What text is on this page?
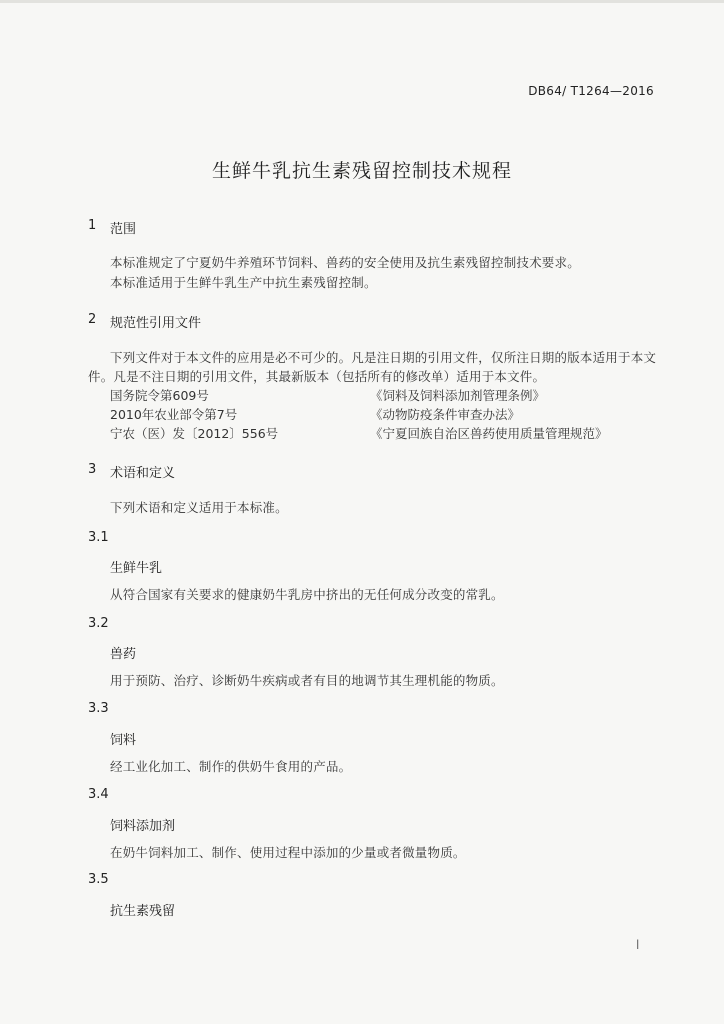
DB64/ T1264—2016
生鲜牛乳抗生素残留控制技术规程
1 范围
本标准规定了宁夏奶牛养殖环节饲料、兽药的安全使用及抗生素残留控制技术要求。
本标准适用于生鲜牛乳生产中抗生素残留控制。
2 规范性引用文件
下列文件对于本文件的应用是必不可少的。凡是注日期的引用文件，仅所注日期的版本适用于本文
件。凡是不注日期的引用文件，其最新版本（包括所有的修改单）适用于本文件。
国务院令第609号	《饲料及饲料添加剂管理条例》
2010年农业部令第7号	《动物防疫条件审查办法》
宁农（医）发〔2012〕556号	《宁夏回族自治区兽药使用质量管理规范》
3 术语和定义
下列术语和定义适用于本标准。
3.1
生鲜牛乳
从符合国家有关要求的健康奶牛乳房中挤出的无任何成分改变的常乳。
3.2
兽药
用于预防、治疗、诊断奶牛疾病或者有目的地调节其生理机能的物质。
3.3
饲料
经工业化加工、制作的供奶牛食用的产品。
3.4
饲料添加剂
在奶牛饲料加工、制作、使用过程中添加的少量或者微量物质。
3.5
抗生素残留
l
